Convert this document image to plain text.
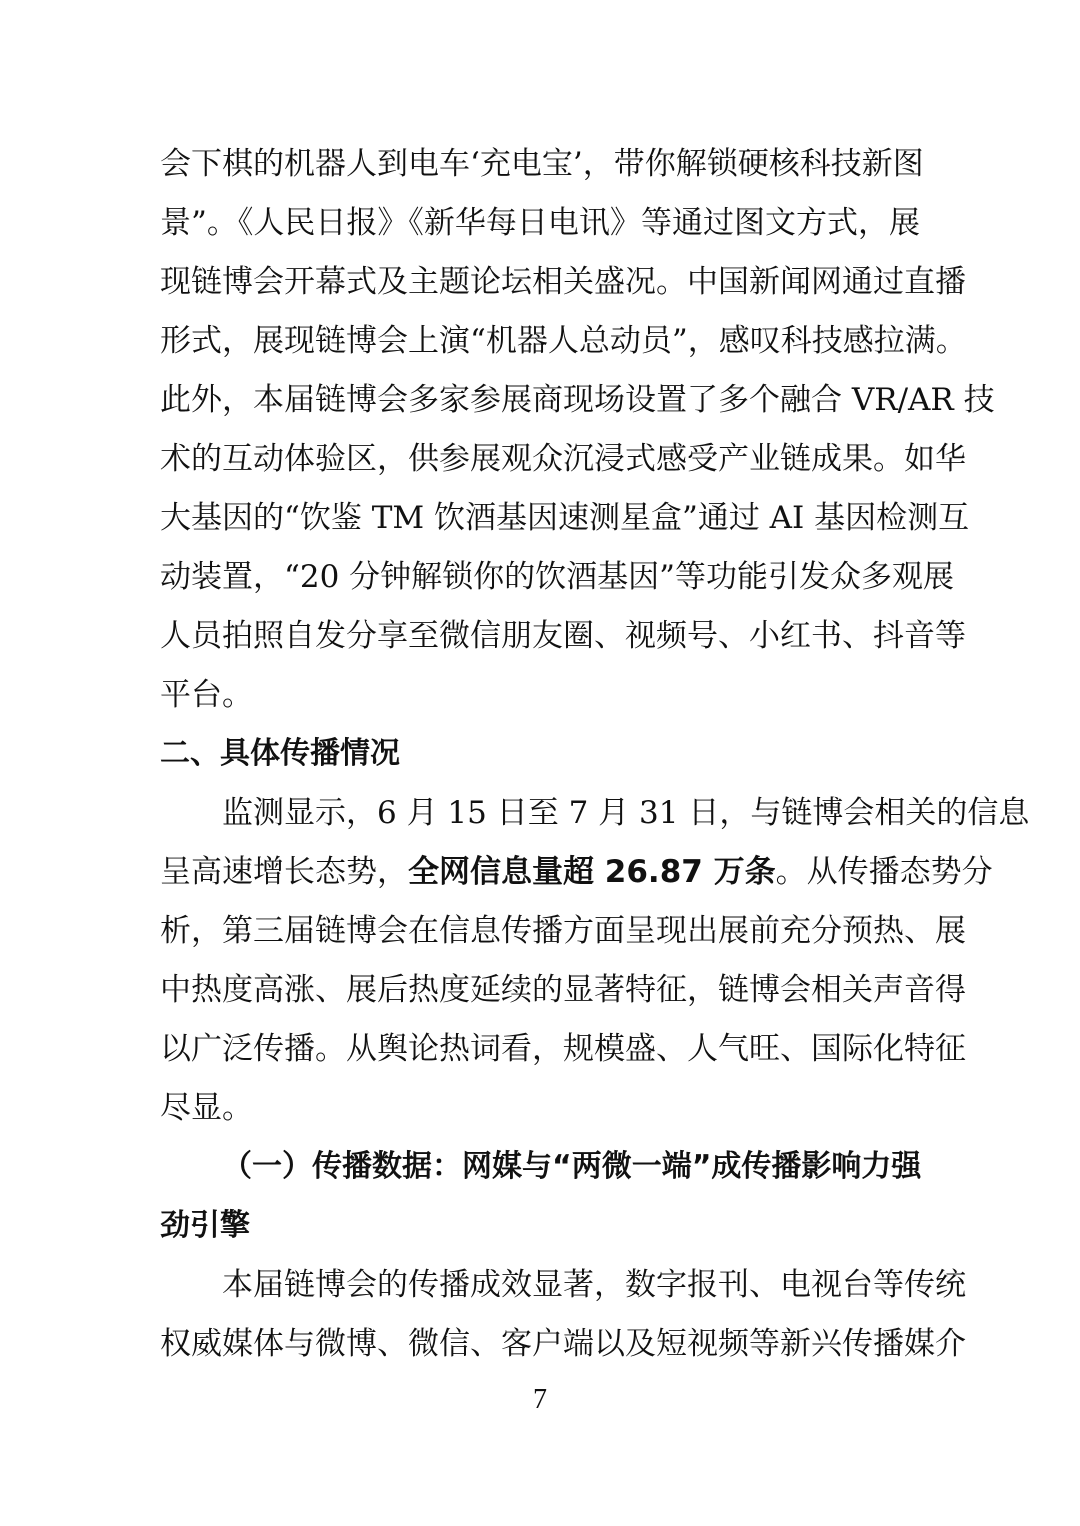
会下棋的机器人到电车‘充电宝’，带你解锁硬核科技新图
景”。《人民日报》《新华每日电讯》等通过图文方式，展
现链博会开幕式及主题论坛相关盛况。中国新闻网通过直播
形式，展现链博会上演“机器人总动员”，感叹科技感拉满。
此外，本届链博会多家参展商现场设置了多个融合 VR/AR 技
术的互动体验区，供参展观众沉浸式感受产业链成果。如华
大基因的“饮鉴 TM 饮酒基因速测星盒”通过 AI 基因检测互
动装置，“20 分钟解锁你的饮酒基因”等功能引发众多观展
人员拍照自发分享至微信朋友圈、视频号、小红书、抖音等
平台。
二、具体传播情况
监测显示，6 月 15 日至 7 月 31 日，与链博会相关的信息
呈高速增长态势，全网信息量超 26.87 万条。从传播态势分
析，第三届链博会在信息传播方面呈现出展前充分预热、展
中热度高涨、展后热度延续的显著特征，链博会相关声音得
以广泛传播。从舆论热词看，规模盛、人气旺、国际化特征
尽显。
（一）传播数据：网媒与“两微一端”成传播影响力强
劲引擎
本届链博会的传播成效显著，数字报刊、电视台等传统
权威媒体与微博、微信、客户端以及短视频等新兴传播媒介
7
